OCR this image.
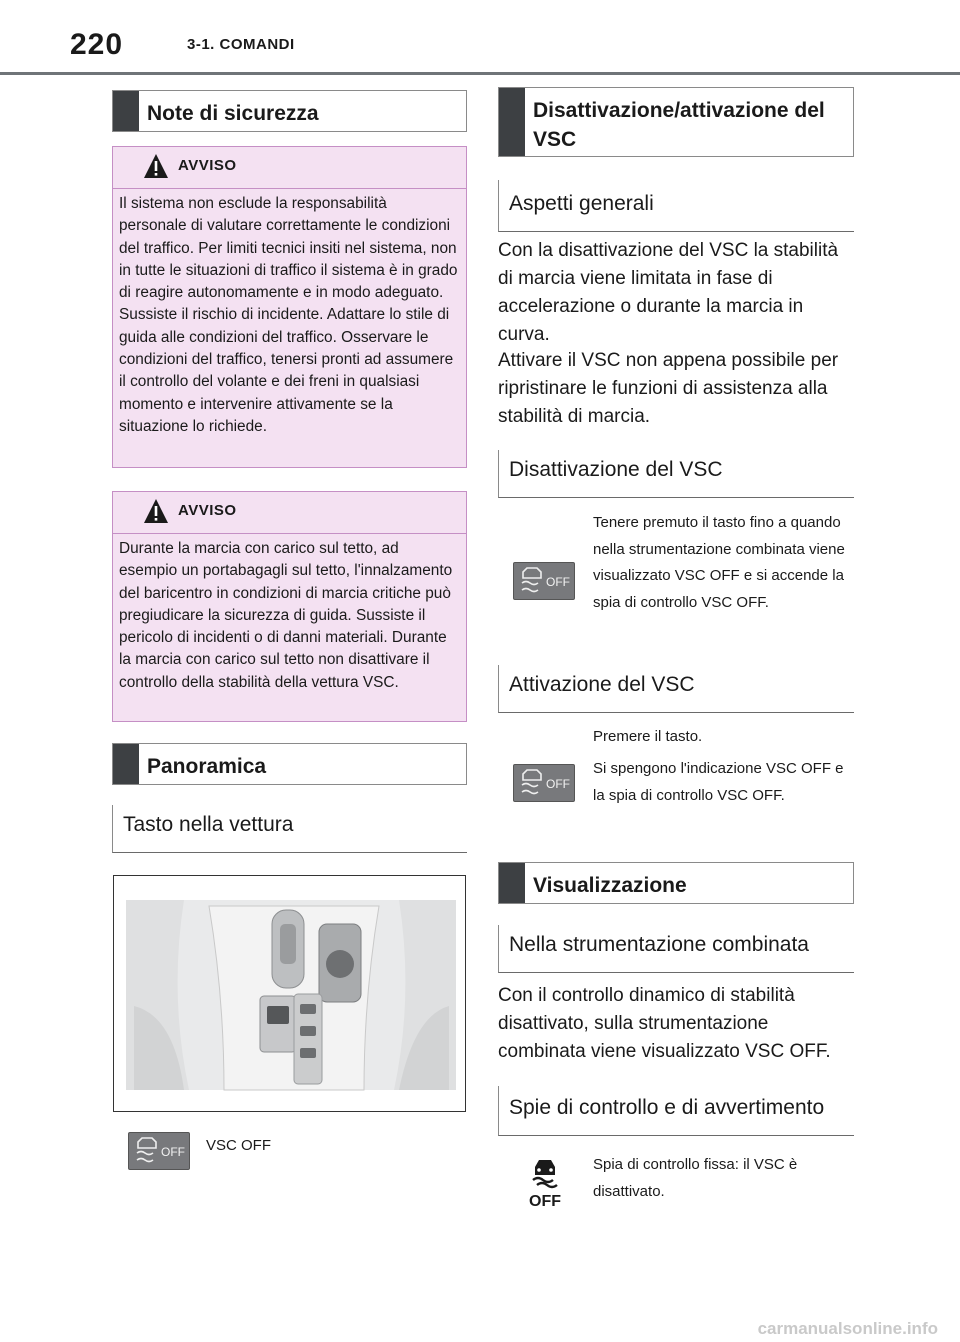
220	3-1. COMANDI
Note di sicurezza
AVVISO
Il sistema non esclude la responsabilità personale di valutare correttamente le condizioni del traffico. Per limiti tecnici insiti nel sistema, non in tutte le situazioni di traffico il sistema è in grado di reagire autonomamente e in modo adeguato. Sussiste il rischio di incidente. Adattare lo stile di guida alle condizioni del traffico. Osservare le condizioni del traffico, tenersi pronti ad assumere il controllo del volante e dei freni in qualsiasi momento e intervenire attivamente se la situazione lo richiede.
AVVISO
Durante la marcia con carico sul tetto, ad esempio un portabagagli sul tetto, l'innalzamento del baricentro in condizioni di marcia critiche può pregiudicare la sicurezza di guida. Sussiste il pericolo di incidenti o di danni materiali. Durante la marcia con carico sul tetto non disattivare il controllo della stabilità della vettura VSC.
Panoramica
Tasto nella vettura
OFF VSC OFF
Disattivazione/attivazione del VSC
Aspetti generali
Con la disattivazione del VSC la stabilità di marcia viene limitata in fase di accelerazione o durante la marcia in curva.
Attivare il VSC non appena possibile per ripristinare le funzioni di assistenza alla stabilità di marcia.
Disattivazione del VSC
OFF
Tenere premuto il tasto fino a quando nella strumentazione combinata viene visualizzato VSC OFF e si accende la spia di controllo VSC OFF.
Attivazione del VSC
Premere il tasto.
OFF
Si spengono l'indicazione VSC OFF e la spia di controllo VSC OFF.
Visualizzazione
Nella strumentazione combinata
Con il controllo dinamico di stabilità disattivato, sulla strumentazione combinata viene visualizzato VSC OFF.
Spie di controllo e di avvertimento
OFF
Spia di controllo fissa: il VSC è disattivato.
carmanualsonline.info
